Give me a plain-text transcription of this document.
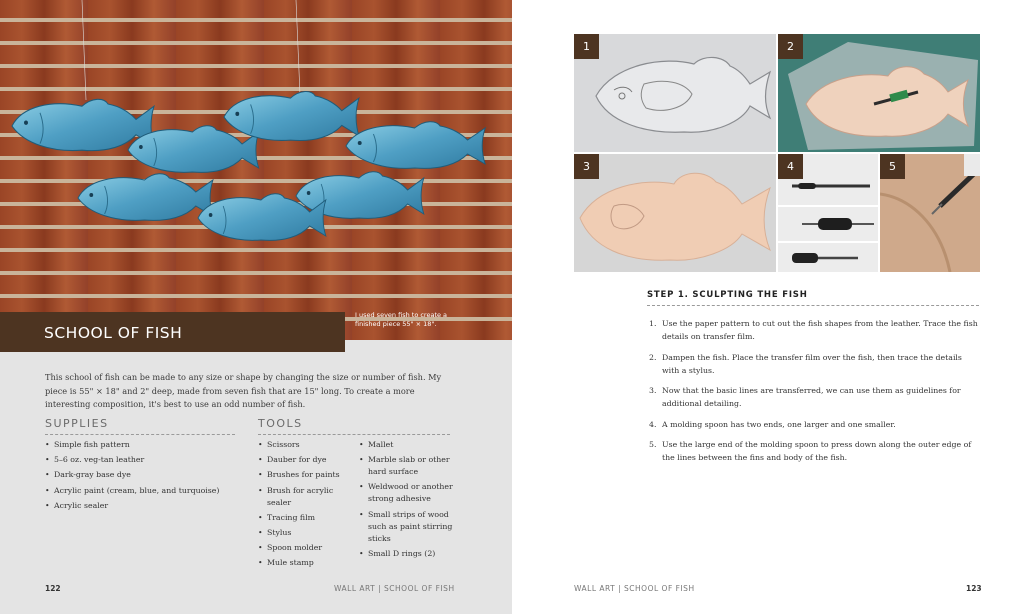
I used seven fish to create a finished piece 55" × 18".
SCHOOL OF FISH

This school of fish can be made to any size or shape by changing the size or number of fish. My piece is 55" × 18" and 2" deep, made from seven fish that are 15" long. To create a more interesting composition, it's best to use an odd number of fish.

SUPPLIES	TOOLS
• Simple fish pattern
• 5–6 oz. veg-tan leather
• Dark-gray base dye
• Acrylic paint (cream, blue, and turquoise)
• Acrylic sealer
• Scissors
• Dauber for dye
• Brushes for paints
• Brush for acrylic sealer
• Tracing film
• Stylus
• Spoon molder
• Mule stamp
• Mallet
• Marble slab or other hard surface
• Weldwood or another strong adhesive
• Small strips of wood such as paint stirring sticks
• Small D rings (2)
122	WALL ART | SCHOOL OF FISH
1	2
3	4	5
STEP 1. SCULPTING THE FISH
1. Use the paper pattern to cut out the fish shapes from the leather. Trace the fish details on transfer film.
2. Dampen the fish. Place the transfer film over the fish, then trace the details with a stylus.
3. Now that the basic lines are transferred, we can use them as guidelines for additional detailing.
4. A molding spoon has two ends, one larger and one smaller.
5. Use the large end of the molding spoon to press down along the outer edge of the lines between the fins and body of the fish.
WALL ART | SCHOOL OF FISH	123
